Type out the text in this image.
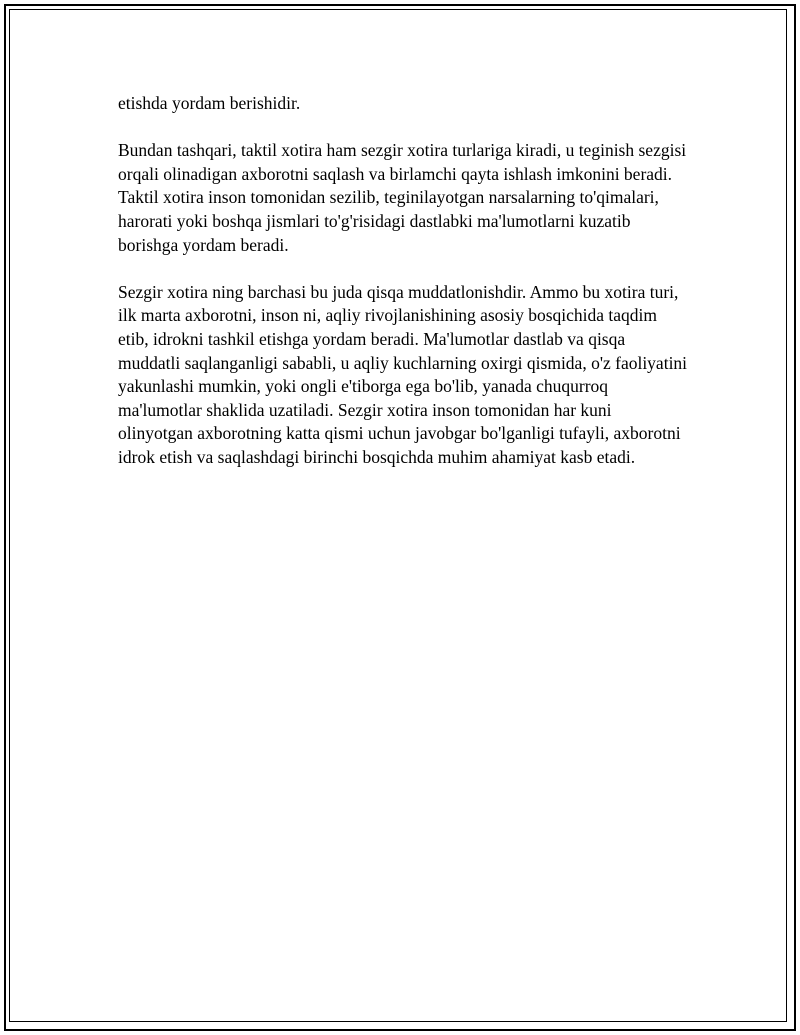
etishda yordam berishidir.

Bundan tashqari, taktil xotira ham sezgir xotira turlariga kiradi, u teginish sezgisi orqali olinadigan axborotni saqlash va birlamchi qayta ishlash imkonini beradi. Taktil xotira inson tomonidan sezilib, teginilayotgan narsalarning to'qimalari, harorati yoki boshqa jismlari to'g'risidagi dastlabki ma'lumotlarni kuzatib borishga yordam beradi.

Sezgir xotira ning barchasi bu juda qisqa muddatlonishdir. Ammo bu xotira turi, ilk marta axborotni, inson ni, aqliy rivojlanishining asosiy bosqichida taqdim etib, idrokni tashkil etishga yordam beradi. Ma'lumotlar dastlab va qisqa muddatli saqlanganligi sababli, u aqliy kuchlarning oxirgi qismida, o'z faoliyatini yakunlashi mumkin, yoki ongli e'tiborga ega bo'lib, yanada chuqurroq ma'lumotlar shaklida uzatiladi. Sezgir xotira inson tomonidan har kuni olinyotgan axborotning katta qismi uchun javobgar bo'lganligi tufayli, axborotni idrok etish va saqlashdagi birinchi bosqichda muhim ahamiyat kasb etadi.
